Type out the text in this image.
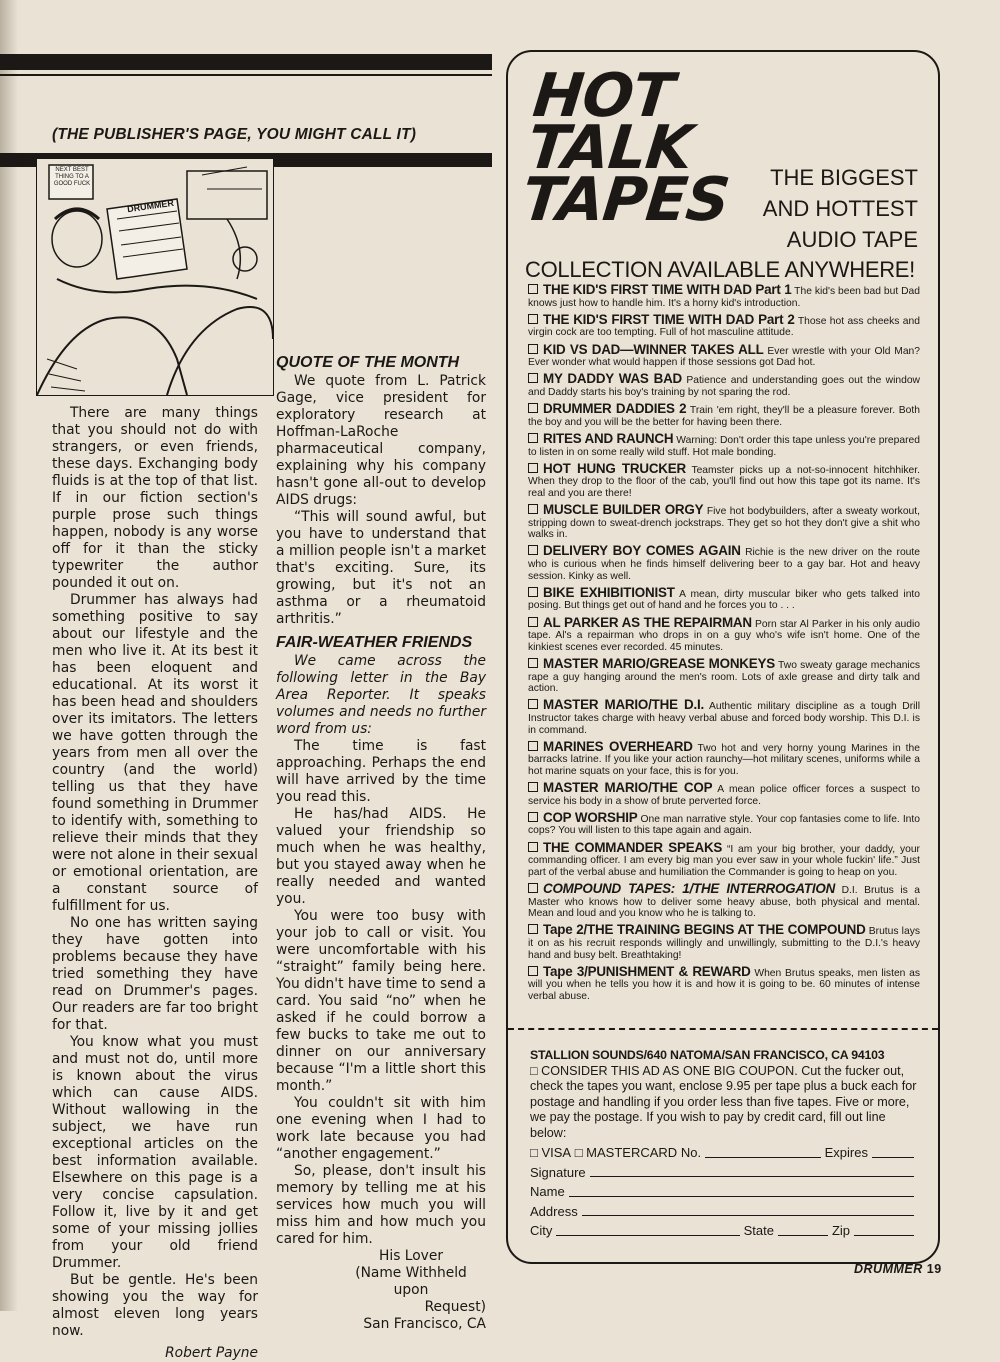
(THE PUBLISHER'S PAGE, YOU MIGHT CALL IT)
NEXT BEST THING TO A GOOD FUCK
DRUMMER

There are many things that you should not do with strangers, or even friends, these days. Exchanging body fluids is at the top of that list. If in our fiction section's purple prose such things happen, nobody is any worse off for it than the sticky typewriter the author pounded it out on.

Drummer has always had something positive to say about our lifestyle and the men who live it. At its best it has been eloquent and educational. At its worst it has been head and shoulders over its imitators. The letters we have gotten through the years from men all over the country (and the world) telling us that they have found something in Drummer to identify with, something to relieve their minds that they were not alone in their sexual or emotional orientation, are a constant source of fulfillment for us.

No one has written saying they have gotten into problems because they have tried something they have read on Drummer's pages. Our readers are far too bright for that.

You know what you must and must not do, until more is known about the virus which can cause AIDS. Without wallowing in the subject, we have run exceptional articles on the best information available. Elsewhere on this page is a very concise capsulation. Follow it, live by it and get some of your missing jollies from your old friend Drummer.

But be gentle. He's been showing you the way for almost eleven long years now.

Robert Payne
QUOTE OF THE MONTH

We quote from L. Patrick Gage, vice president for exploratory research at Hoffman-LaRoche pharmaceutical company, explaining why his company hasn't gone all-out to develop AIDS drugs:

“This will sound awful, but you have to understand that a million people isn't a market that's exciting. Sure, its growing, but it's not an asthma or a rheumatoid arthritis.”

FAIR-WEATHER FRIENDS

We came across the following letter in the Bay Area Reporter. It speaks volumes and needs no further word from us:

The time is fast approaching. Perhaps the end will have arrived by the time you read this.

He has/had AIDS. He valued your friendship so much when he was healthy, but you stayed away when he really needed and wanted you.

You were too busy with your job to call or visit. You were uncomfortable with his “straight” family being here. You didn't have time to send a card. You said “no” when he asked if he could borrow a few bucks to take me out to dinner on our anniversary because “I'm a little short this month.”

You couldn't sit with him one evening when I had to work late because you had “another engagement.”

So, please, don't insult his memory by telling me at his services how much you will miss him and how much you cared for him.

His Lover
(Name Withheld upon
Request)
San Francisco, CA
HOT
TALK
TAPES	THE BIGGEST
AND HOTTEST
AUDIO TAPE
COLLECTION AVAILABLE ANYWHERE!
THE KID'S FIRST TIME WITH DAD Part 1 The kid's been bad but Dad knows just how to handle him. It's a horny kid's introduction.
THE KID'S FIRST TIME WITH DAD Part 2 Those hot ass cheeks and virgin cock are too tempting. Full of hot masculine attitude.
KID VS DAD—WINNER TAKES ALL Ever wrestle with your Old Man? Ever wonder what would happen if those sessions got Dad hot.
MY DADDY WAS BAD Patience and understanding goes out the window and Daddy starts his boy's training by not sparing the rod.
DRUMMER DADDIES 2 Train 'em right, they'll be a pleasure forever. Both the boy and you will be the better for having been there.
RITES AND RAUNCH Warning: Don't order this tape unless you're prepared to listen in on some really wild stuff. Hot male bonding.
HOT HUNG TRUCKER Teamster picks up a not-so-innocent hitchhiker. When they drop to the floor of the cab, you'll find out how this tape got its name. It's real and you are there!
MUSCLE BUILDER ORGY Five hot bodybuilders, after a sweaty workout, stripping down to sweat-drench jockstraps. They get so hot they don't give a shit who walks in.
DELIVERY BOY COMES AGAIN Richie is the new driver on the route who is curious when he finds himself delivering beer to a gay bar. Hot and heavy session. Kinky as well.
BIKE EXHIBITIONIST A mean, dirty muscular biker who gets talked into posing. But things get out of hand and he forces you to . . .
AL PARKER AS THE REPAIRMAN Porn star Al Parker in his only audio tape. Al's a repairman who drops in on a guy who's wife isn't home. One of the kinkiest scenes ever recorded. 45 minutes.
MASTER MARIO/GREASE MONKEYS Two sweaty garage mechanics rape a guy hanging around the men's room. Lots of axle grease and dirty talk and action.
MASTER MARIO/THE D.I. Authentic military discipline as a tough Drill Instructor takes charge with heavy verbal abuse and forced body worship. This D.I. is in command.
MARINES OVERHEARD Two hot and very horny young Marines in the barracks latrine. If you like your action raunchy—hot military scenes, uniforms while a hot marine squats on your face, this is for you.
MASTER MARIO/THE COP A mean police officer forces a suspect to service his body in a show of brute perverted force.
COP WORSHIP One man narrative style. Your cop fantasies come to life. Into cops? You will listen to this tape again and again.
THE COMMANDER SPEAKS “I am your big brother, your daddy, your commanding officer. I am every big man you ever saw in your whole fuckin' life.” Just part of the verbal abuse and humiliation the Commander is going to heap on you.
COMPOUND TAPES: 1/THE INTERROGATION D.I. Brutus is a Master who knows how to deliver some heavy abuse, both physical and mental. Mean and loud and you know who he is talking to.
Tape 2/THE TRAINING BEGINS AT THE COMPOUND Brutus lays it on as his recruit responds willingly and unwillingly, submitting to the D.I.'s heavy hand and busy belt. Breathtaking!
Tape 3/PUNISHMENT & REWARD When Brutus speaks, men listen as will you when he tells you how it is and how it is going to be. 60 minutes of intense verbal abuse.
STALLION SOUNDS/640 NATOMA/SAN FRANCISCO, CA 94103
□ CONSIDER THIS AD AS ONE BIG COUPON. Cut the fucker out, check the tapes you want, enclose 9.95 per tape plus a buck each for postage and handling if you order less than five tapes. Five or more, we pay the postage. If you wish to pay by credit card, fill out line below:
□ VISA
□ MASTERCARD
No.	Expires
Signature
Name
Address
City	State	Zip
DRUMMER 19
